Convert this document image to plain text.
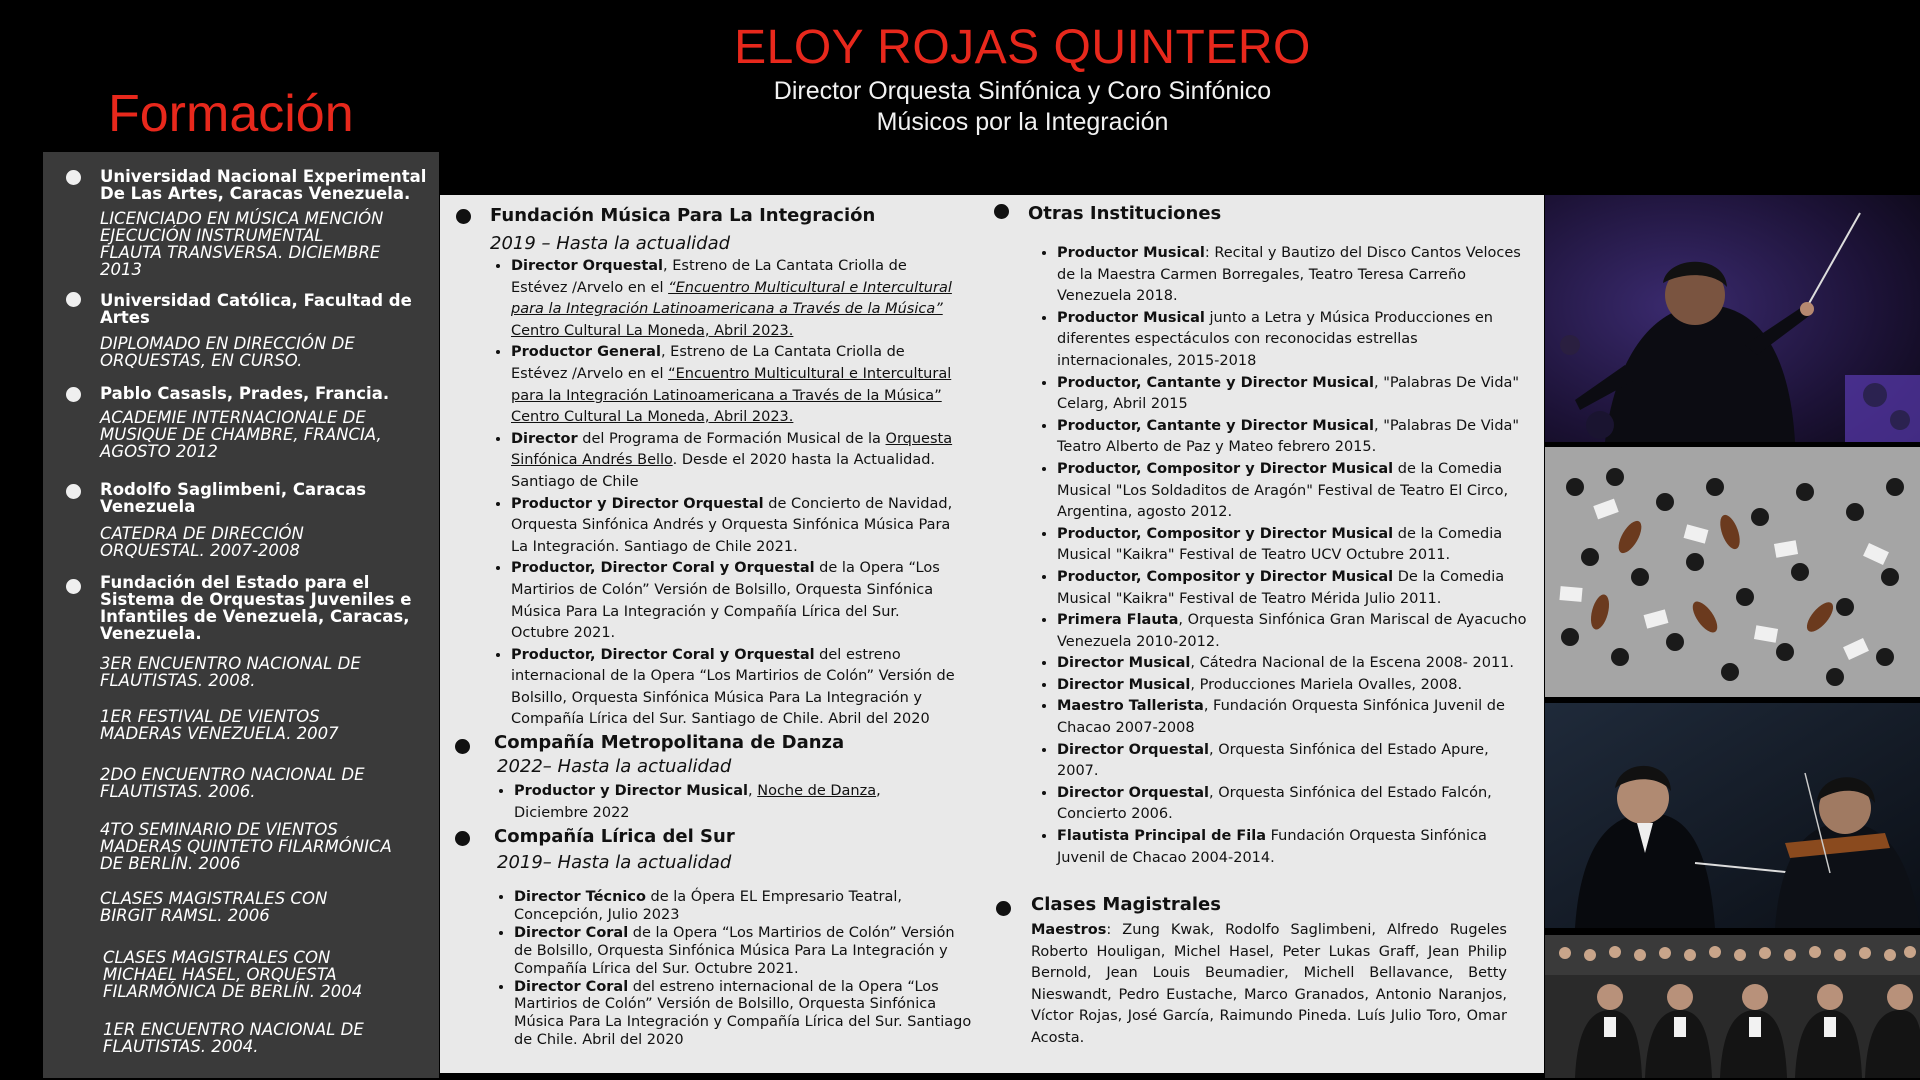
ELOY ROJAS QUINTERO
Director Orquesta Sinfónica y Coro Sinfónico
Músicos por la Integración
Formación
Universidad Nacional Experimental De Las Artes, Caracas Venezuela.
LICENCIADO EN MÚSICA MENCIÓN EJECUCIÓN INSTRUMENTAL FLAUTA TRANSVERSA. DICIEMBRE 2013
Universidad Católica, Facultad de Artes
DIPLOMADO EN DIRECCIÓN DE ORQUESTAS, EN CURSO.
Pablo Casasls, Prades, Francia.
ACADEMIE INTERNACIONALE DE MUSIQUE DE CHAMBRE, FRANCIA, AGOSTO 2012
Rodolfo Saglimbeni, Caracas Venezuela
CATEDRA DE DIRECCIÓN ORQUESTAL. 2007-2008
Fundación del Estado para el Sistema de Orquestas Juveniles e Infantiles de Venezuela, Caracas, Venezuela.
3ER ENCUENTRO NACIONAL DE FLAUTISTAS. 2008.
1ER FESTIVAL DE VIENTOS MADERAS VENEZUELA. 2007
2DO ENCUENTRO NACIONAL DE FLAUTISTAS. 2006.
4TO SEMINARIO DE VIENTOS MADERAS QUINTETO FILARMÓNICA DE BERLÍN. 2006
CLASES MAGISTRALES CON BIRGIT RAMSL. 2006
CLASES MAGISTRALES CON MICHAEL HASEL, ORQUESTA FILARMÓNICA DE BERLÍN. 2004
1ER ENCUENTRO NACIONAL DE FLAUTISTAS. 2004.
Fundación Música Para La Integración
2019 – Hasta la actualidad
• Director Orquestal, Estreno de La Cantata Criolla de Estévez /Arvelo en el “Encuentro Multicultural e Intercultural para la Integración Latinoamericana a Través de la Música” Centro Cultural La Moneda, Abril 2023.
• Productor General, Estreno de La Cantata Criolla de Estévez /Arvelo en el “Encuentro Multicultural e Intercultural para la Integración Latinoamericana a Través de la Música” Centro Cultural La Moneda, Abril 2023.
• Director del Programa de Formación Musical de la Orquesta Sinfónica Andrés Bello. Desde el 2020 hasta la Actualidad. Santiago de Chile
• Productor y Director Orquestal de Concierto de Navidad, Orquesta Sinfónica Andrés y Orquesta Sinfónica Música Para La Integración. Santiago de Chile 2021.
• Productor, Director Coral y Orquestal de la Opera “Los Martirios de Colón” Versión de Bolsillo, Orquesta Sinfónica Música Para La Integración y Compañía Lírica del Sur. Octubre 2021.
• Productor, Director Coral y Orquestal del estreno internacional de la Opera “Los Martirios de Colón” Versión de Bolsillo, Orquesta Sinfónica Música Para La Integración y Compañía Lírica del Sur. Santiago de Chile. Abril del 2020
Compañía Metropolitana de Danza
2022– Hasta la actualidad
• Productor y Director Musical, Noche de Danza, Diciembre 2022
Compañía Lírica del Sur
2019– Hasta la actualidad
• Director Técnico de la Ópera EL Empresario Teatral, Concepción, Julio 2023
• Director Coral de la Opera “Los Martirios de Colón” Versión de Bolsillo, Orquesta Sinfónica Música Para La Integración y Compañía Lírica del Sur. Octubre 2021.
• Director Coral del estreno internacional de la Opera “Los Martirios de Colón” Versión de Bolsillo, Orquesta Sinfónica Música Para La Integración y Compañía Lírica del Sur. Santiago de Chile. Abril del 2020
Otras Instituciones
• Productor Musical: Recital y Bautizo del Disco Cantos Veloces de la Maestra Carmen Borregales, Teatro Teresa Carreño Venezuela 2018.
• Productor Musical junto a Letra y Música Producciones en diferentes espectáculos con reconocidas estrellas internacionales, 2015-2018
• Productor, Cantante y Director Musical, "Palabras De Vida" Celarg, Abril 2015
• Productor, Cantante y Director Musical, "Palabras De Vida" Teatro Alberto de Paz y Mateo febrero 2015.
• Productor, Compositor y Director Musical de la Comedia Musical "Los Soldaditos de Aragón" Festival de Teatro El Circo, Argentina, agosto 2012.
• Productor, Compositor y Director Musical de la Comedia Musical "Kaikra" Festival de Teatro UCV Octubre 2011.
• Productor, Compositor y Director Musical De la Comedia Musical "Kaikra" Festival de Teatro Mérida Julio 2011.
• Primera Flauta, Orquesta Sinfónica Gran Mariscal de Ayacucho Venezuela 2010-2012.
• Director Musical, Cátedra Nacional de la Escena 2008- 2011.
• Director Musical, Producciones Mariela Ovalles, 2008.
• Maestro Tallerista, Fundación Orquesta Sinfónica Juvenil de Chacao 2007-2008
• Director Orquestal, Orquesta Sinfónica del Estado Apure, 2007.
• Director Orquestal, Orquesta Sinfónica del Estado Falcón, Concierto 2006.
• Flautista Principal de Fila Fundación Orquesta Sinfónica Juvenil de Chacao 2004-2014.
Clases Magistrales
Maestros: Zung Kwak, Rodolfo Saglimbeni, Alfredo Rugeles Roberto Houligan, Michel Hasel, Peter Lukas Graff, Jean Philip Bernold, Jean Louis Beumadier, Michell Bellavance, Betty Nieswandt, Pedro Eustache, Marco Granados, Antonio Naranjos, Víctor Rojas, José García, Raimundo Pineda. Luís Julio Toro, Omar Acosta.
